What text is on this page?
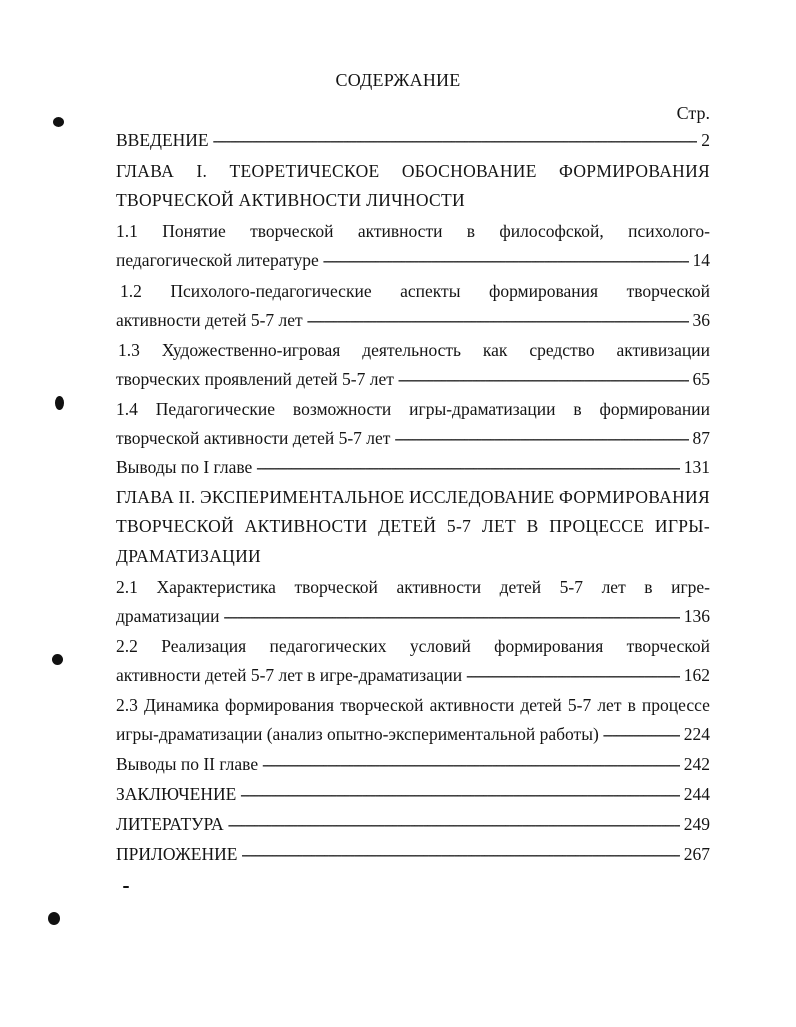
СОДЕРЖАНИЕ
Стр.
ВВЕДЕНИЕ -----	2
ГЛАВА I. ТЕОРЕТИЧЕСКОЕ ОБОСНОВАНИЕ ФОРМИРОВАНИЯ
ТВОРЧЕСКОЙ АКТИВНОСТИ ЛИЧНОСТИ
1.1 Понятие творческой активности в философской, психолого-
педагогической литературе -----	14
1.2 Психолого-педагогические аспекты формирования творческой
активности детей 5-7 лет -----	36
1.3 Художественно-игровая деятельность как средство активизации
творческих проявлений детей 5-7 лет -----	65
1.4 Педагогические возможности игры-драматизации в формировании
творческой активности детей 5-7 лет -----	87
Выводы по I главе -----	131
ГЛАВА II. ЭКСПЕРИМЕНТАЛЬНОЕ ИССЛЕДОВАНИЕ ФОРМИРОВАНИЯ
ТВОРЧЕСКОЙ АКТИВНОСТИ ДЕТЕЙ 5-7 ЛЕТ В ПРОЦЕССЕ ИГРЫ-
ДРАМАТИЗАЦИИ
2.1 Характеристика творческой активности детей 5-7 лет в игре-
драматизации -----	136
2.2 Реализация педагогических условий формирования творческой
активности детей 5-7 лет в игре-драматизации -----	162
2.3 Динамика формирования творческой активности детей 5-7 лет в процессе
игры-драматизации (анализ опытно-экспериментальной работы) -----	224
Выводы по II главе -----	242
ЗАКЛЮЧЕНИЕ -----	244
ЛИТЕРАТУРА -----	249
ПРИЛОЖЕНИЕ -----	267
